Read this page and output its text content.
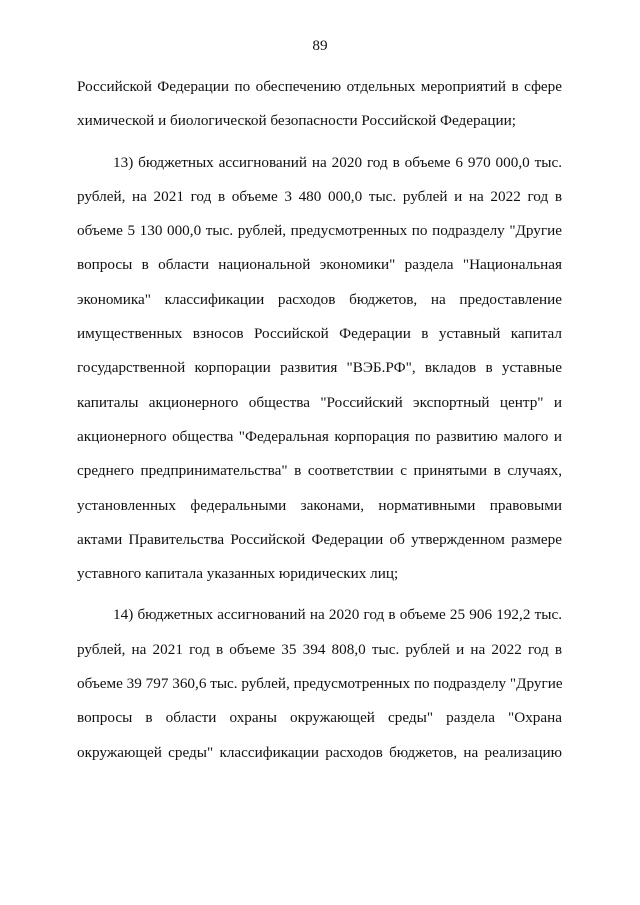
89
Российской Федерации по обеспечению отдельных мероприятий в сфере
химической и биологической безопасности Российской Федерации;
13) бюджетных ассигнований на 2020 год в объеме 6 970 000,0 тыс.
рублей, на 2021 год в объеме 3 480 000,0 тыс. рублей и на 2022 год в
объеме 5 130 000,0 тыс. рублей, предусмотренных по подразделу "Другие
вопросы в области национальной экономики" раздела "Национальная
экономика" классификации расходов бюджетов, на предоставление
имущественных взносов Российской Федерации в уставный капитал
государственной корпорации развития "ВЭБ.РФ", вкладов в уставные
капиталы акционерного общества "Российский экспортный центр" и
акционерного общества "Федеральная корпорация по развитию малого и
среднего предпринимательства" в соответствии с принятыми в случаях,
установленных федеральными законами, нормативными правовыми
актами Правительства Российской Федерации об утвержденном размере
уставного капитала указанных юридических лиц;
14) бюджетных ассигнований на 2020 год в объеме 25 906 192,2 тыс.
рублей, на 2021 год в объеме 35 394 808,0 тыс. рублей и на 2022 год в
объеме 39 797 360,6 тыс. рублей, предусмотренных по подразделу "Другие
вопросы в области охраны окружающей среды" раздела "Охрана
окружающей среды" классификации расходов бюджетов, на реализацию
